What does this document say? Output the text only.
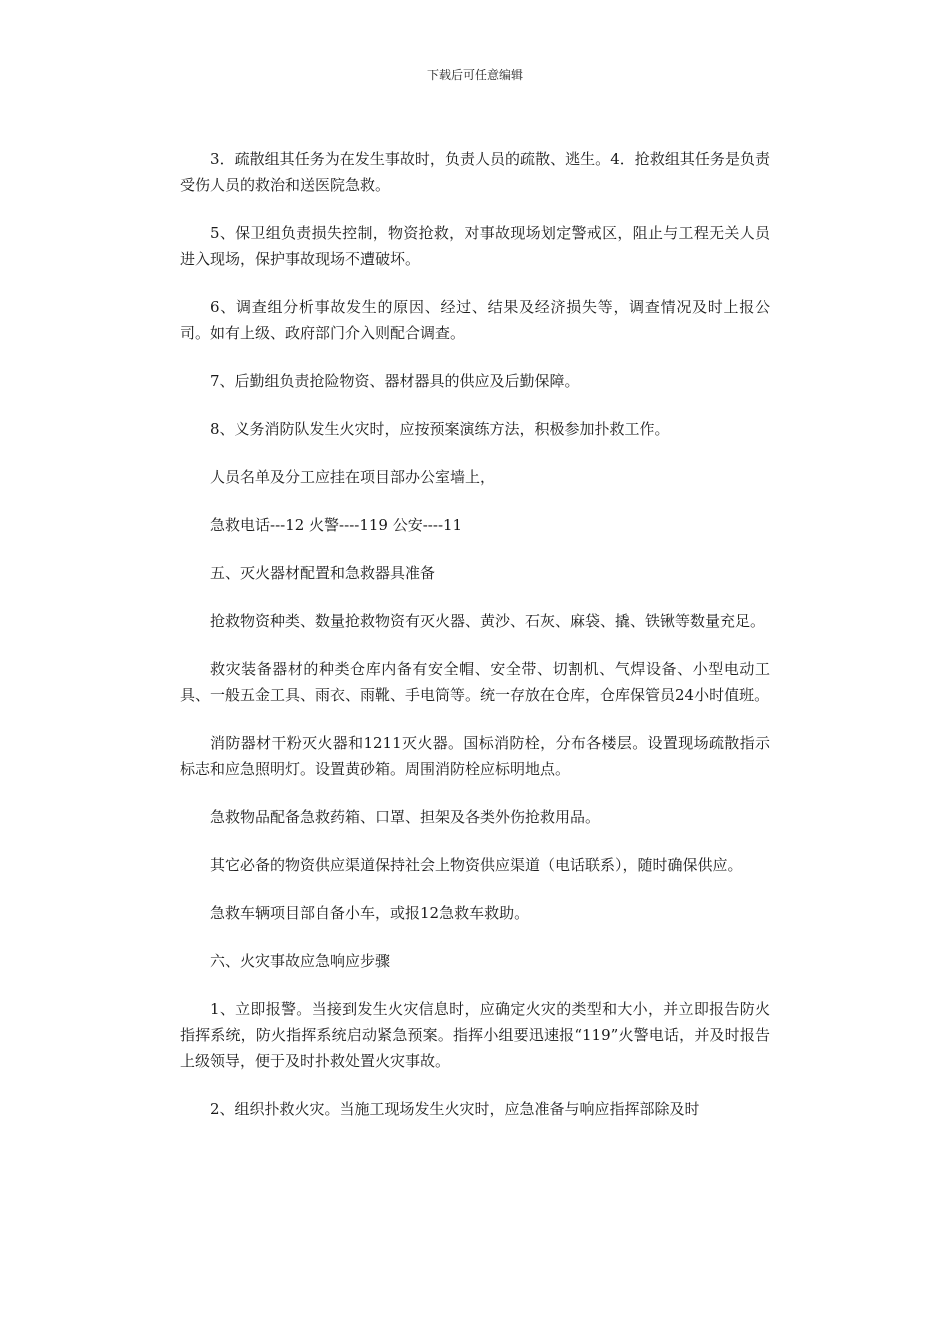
下载后可任意编辑

3．疏散组其任务为在发生事故时，负责人员的疏散、逃生。4．抢救组其任务是负责受伤人员的救治和送医院急救。

5、保卫组负责损失控制，物资抢救，对事故现场划定警戒区，阻止与工程无关人员进入现场，保护事故现场不遭破坏。

6、调查组分析事故发生的原因、经过、结果及经济损失等，调查情况及时上报公司。如有上级、政府部门介入则配合调查。

7、后勤组负责抢险物资、器材器具的供应及后勤保障。

8、义务消防队发生火灾时，应按预案演练方法，积极参加扑救工作。

人员名单及分工应挂在项目部办公室墙上，

急救电话---12 火警----119 公安----11

五、灭火器材配置和急救器具准备

抢救物资种类、数量抢救物资有灭火器、黄沙、石灰、麻袋、撬、铁锹等数量充足。

救灾装备器材的种类仓库内备有安全帽、安全带、切割机、气焊设备、小型电动工具、一般五金工具、雨衣、雨靴、手电筒等。统一存放在仓库，仓库保管员24小时值班。

消防器材干粉灭火器和1211灭火器。国标消防栓，分布各楼层。设置现场疏散指示标志和应急照明灯。设置黄砂箱。周围消防栓应标明地点。

急救物品配备急救药箱、口罩、担架及各类外伤抢救用品。

其它必备的物资供应渠道保持社会上物资供应渠道（电话联系），随时确保供应。

急救车辆项目部自备小车，或报12急救车救助。

六、火灾事故应急响应步骤

1、立即报警。当接到发生火灾信息时，应确定火灾的类型和大小，并立即报告防火指挥系统，防火指挥系统启动紧急预案。指挥小组要迅速报“119”火警电话，并及时报告上级领导，便于及时扑救处置火灾事故。

2、组织扑救火灾。当施工现场发生火灾时，应急准备与响应指挥部除及时
